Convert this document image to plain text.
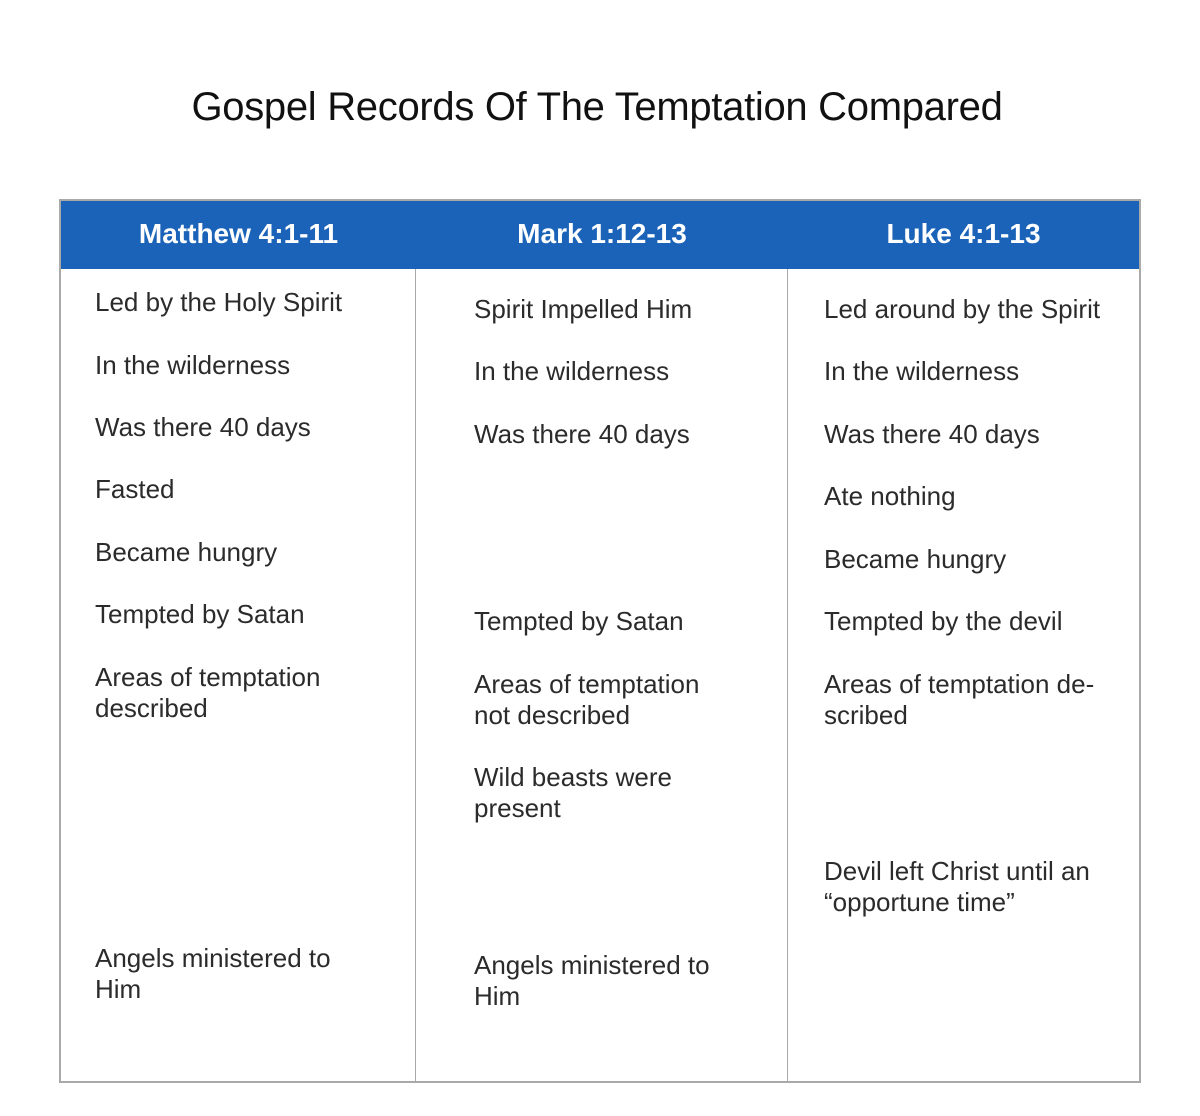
Gospel Records Of The Temptation Compared
Matthew 4:1-11	Mark 1:12-13	Luke 4:1-13
Led by the Holy Spirit
In the wilderness
Was there 40 days
Fasted
Became hungry
Tempted by Satan
Areas of temptation
described
Angels ministered to
Him
Spirit Impelled Him
In the wilderness
Was there 40 days
Tempted by Satan
Areas of temptation
not described
Wild beasts were
present
Angels ministered to
Him
Led around by the Spirit
In the wilderness
Was there 40 days
Ate nothing
Became hungry
Tempted by the devil
Areas of temptation de-
scribed
Devil left Christ until an
“opportune time”
